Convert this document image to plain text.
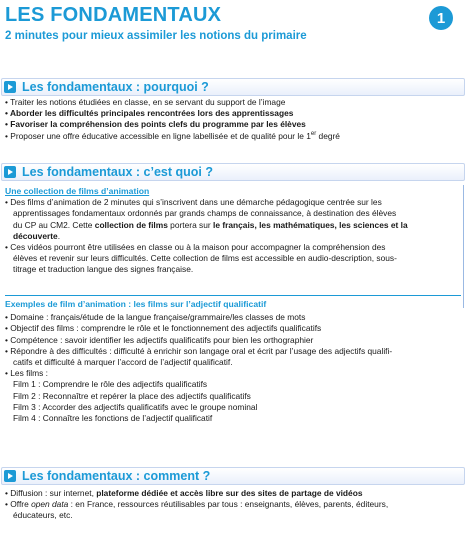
LES FONDAMENTAUX
2 minutes pour mieux assimiler les notions du primaire
1
Les fondamentaux : pourquoi ?
• Traiter les notions étudiées en classe, en se servant du support de l’image
• Aborder les difficultés principales rencontrées lors des apprentissages
• Favoriser la compréhension des points clefs du programme par les élèves
• Proposer une offre éducative accessible en ligne labellisée et de qualité pour le 1er degré
Les fondamentaux : c’est quoi ?
Une collection de films d’animation
• Des films d’animation de 2 minutes qui s’inscrivent dans une démarche pédagogique centrée sur les
apprentissages fondamentaux ordonnés par grands champs de connaissance, à destination des élèves
du CP au CM2. Cette collection de films portera sur le français, les mathématiques, les sciences et la
découverte.
• Ces vidéos pourront être utilisées en classe ou à la maison pour accompagner la compréhension des
élèves et revenir sur leurs difficultés. Cette collection de films est accessible en audio-description, sous-
titrage et traduction langue des signes française.
Exemples de film d’animation : les films sur l’adjectif qualificatif
• Domaine : français/étude de la langue française/grammaire/les classes de mots
• Objectif des films : comprendre le rôle et le fonctionnement des adjectifs qualificatifs
• Compétence : savoir identifier les adjectifs qualificatifs pour bien les orthographier
• Répondre à des difficultés : difficulté à enrichir son langage oral et écrit par l’usage des adjectifs qualifi-
catifs et difficulté à marquer l’accord de l’adjectif qualificatif.
• Les films :
Film 1 : Comprendre le rôle des adjectifs qualificatifs
Film 2 : Reconnaître et repérer la place des adjectifs qualificatifs
Film 3 : Accorder des adjectifs qualificatifs avec le groupe nominal
Film 4 : Connaître les fonctions de l’adjectif qualificatif
Les fondamentaux : comment ?
• Diffusion : sur internet, plateforme dédiée et accès libre sur des sites de partage de vidéos
• Offre open data : en France, ressources réutilisables par tous : enseignants, élèves, parents, éditeurs,
éducateurs, etc.
